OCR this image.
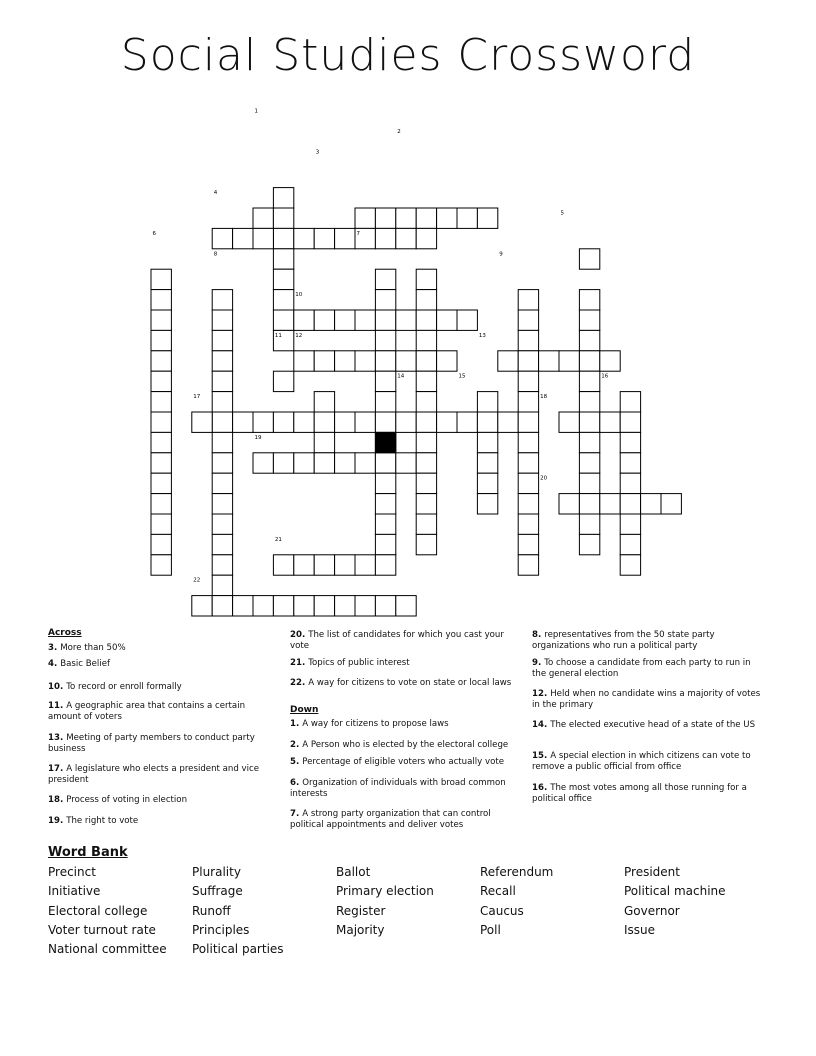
Social Studies Crossword
1
2
3
4
5
6	7
8	9
10
11 12	13
14	15	16
17	18
19
20
21
22
Across
3. More than 50%
4. Basic Belief
10. To record or enroll formally
11. A geographic area that contains a certain amount of voters
13. Meeting of party members to conduct party business
17. A legislature who elects a president and vice president
18. Process of voting in election
19. The right to vote
20. The list of candidates for which you cast your vote
21. Topics of public interest
22. A way for citizens to vote on state or local laws
Down
1. A way for citizens to propose laws
2. A Person who is elected by the electoral college
5. Percentage of eligible voters who actually vote
6. Organization of individuals with broad common interests
7. A strong party organization that can control political appointments and deliver votes
8. representatives from the 50 state party organizations who run a political party
9. To choose a candidate from each party to run in the general election
12. Held when no candidate wins a majority of votes in the primary
14. The elected executive head of a state of the US
15. A special election in which citizens can vote to remove a public official from office
16. The most votes among all those running for a political office
Word Bank
Precinct
Initiative
Electoral college
Voter turnout rate
National committee
Plurality
Suffrage
Runoff
Principles
Political parties
Ballot
Primary election
Register
Majority
Referendum
Recall
Caucus
Poll
President
Political machine
Governor
Issue
